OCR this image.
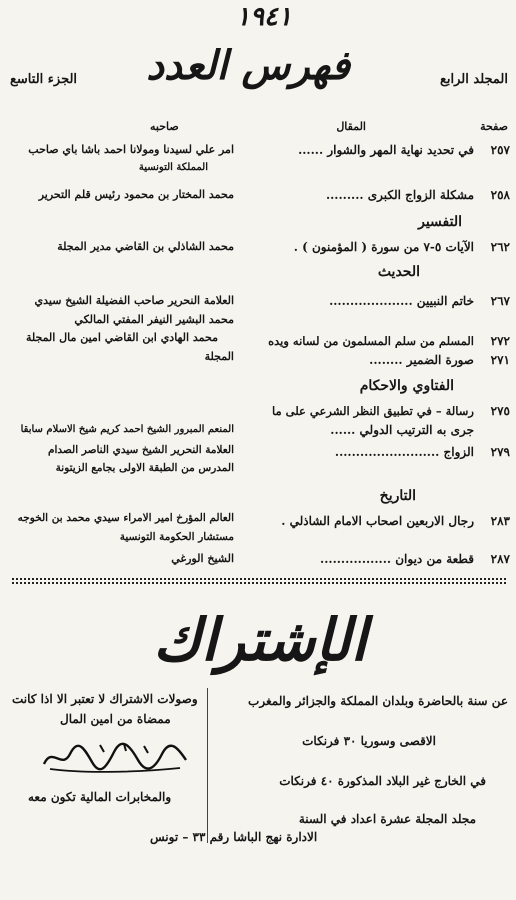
١٩٤١
فهرس العدد	المجلد الرابع
الجزء التاسع
صفحة
المقال
صاحبه
٢٥٧
في تحديد نهاية المهر والشوار ......
امر علي لسيدنا ومولانا احمد باشا باي صاحب
المملكة التونسية
٢٥٨
مشكلة الزواج الكبرى .........
محمد المختار بن محمود رئيس قلم التحرير
التفسير
٢٦٢
الآيات ٥-٧ من سورة ( المؤمنون ) .
محمد الشاذلي بن القاضي مدير المجلة
الحديث
٢٦٧
خاتم النبيين ....................
العلامة النحرير صاحب الفضيلة الشيخ سيدي
محمد البشير النيفر المفتي المالكي
٢٧٢
المسلم من سلم المسلمون من لسانه ويده
محمد الهادي ابن القاضي امين مال المجلة
٢٧١
صورة الضمير ........
المجلة
الفتاوي والاحكام
٢٧٥
رسالة – في تطبيق النظر الشرعي على ما
المنعم المبرور الشيخ احمد كريم شيخ الاسلام سابقا	جرى به الترتيب الدولي ......
٢٧٩
الزواج .........................
العلامة النحرير الشيخ سيدي الناصر الصدام
المدرس من الطبقة الاولى بجامع الزيتونة
التاريخ
٢٨٣
رجال الاربعين اصحاب الامام الشاذلي .
العالم المؤرخ امير الامراء سيدي محمد بن الخوجه
مستشار الحكومة التونسية
٢٨٧
قطعة من ديوان .................
الشيخ الورغي
الإشتراك
عن سنة بالحاضرة وبلدان المملكة والجزائر والمغرب
الاقصى وسوريا ٣٠ فرنكات
في الخارج غير البلاد المذكورة ٤٠ فرنكات
مجلد المجلة عشرة اعداد في السنة
وصولات الاشتراك لا تعتبر الا اذا كانت
ممضاة من امين المال
والمخابرات المالية تكون معه
الادارة نهج الباشا رقم ٣٣ – تونس
